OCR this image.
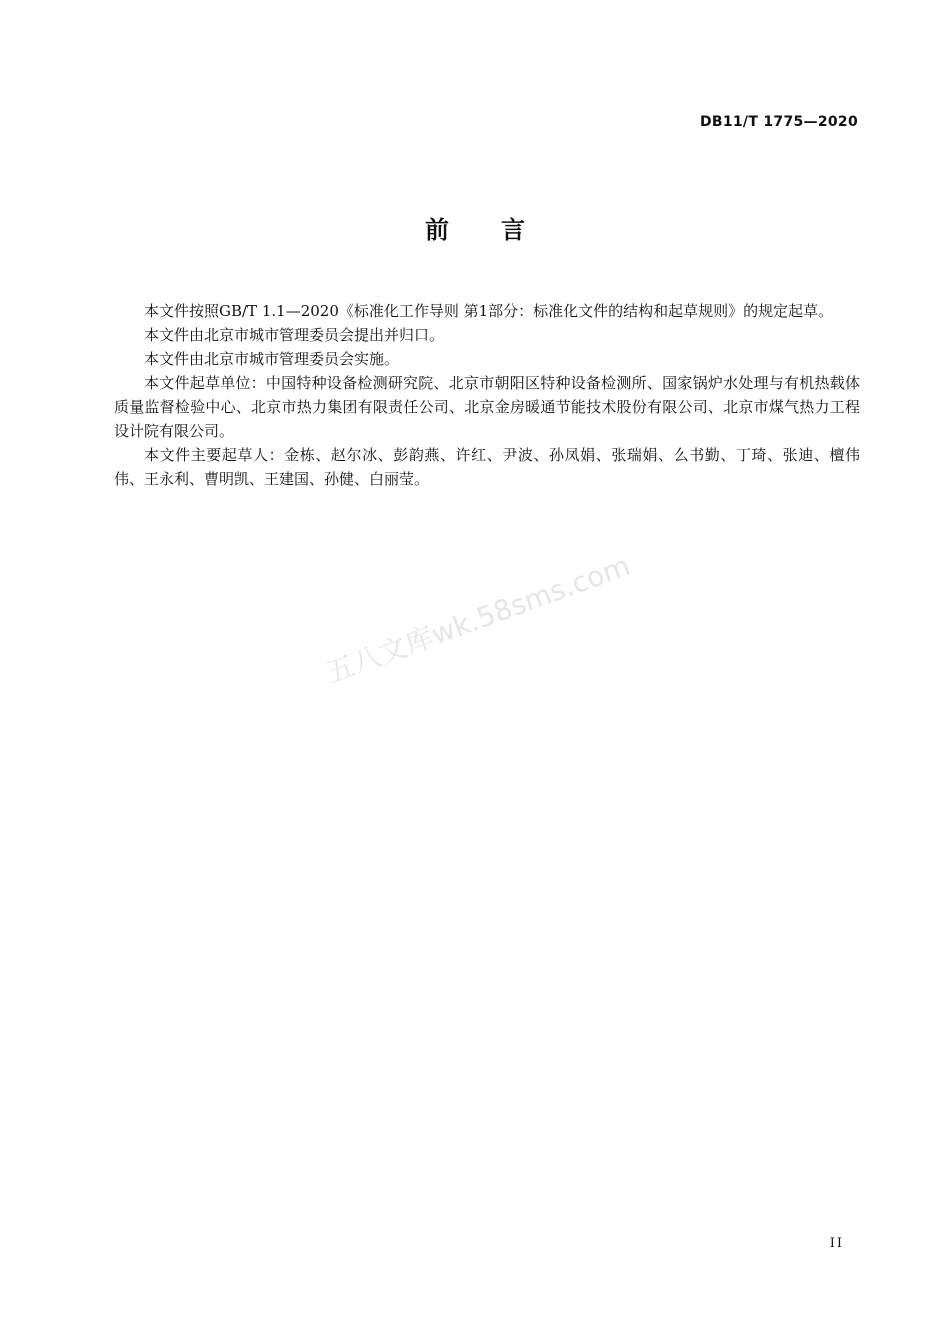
DB11/T 1775—2020
前言

本文件按照GB/T 1.1—2020《标准化工作导则 第1部分：标准化文件的结构和起草规则》的规定起草。

本文件由北京市城市管理委员会提出并归口。

本文件由北京市城市管理委员会实施。

本文件起草单位：中国特种设备检测研究院、北京市朝阳区特种设备检测所、国家锅炉水处理与有机热载体质量监督检验中心、北京市热力集团有限责任公司、北京金房暖通节能技术股份有限公司、北京市煤气热力工程设计院有限公司。

本文件主要起草人：金栋、赵尔冰、彭韵燕、许红、尹波、孙凤娟、张瑞娟、么书勤、丁琦、张迪、檀伟伟、王永利、曹明凯、王建国、孙健、白丽莹。

五八文库wk.58sms.com
II
